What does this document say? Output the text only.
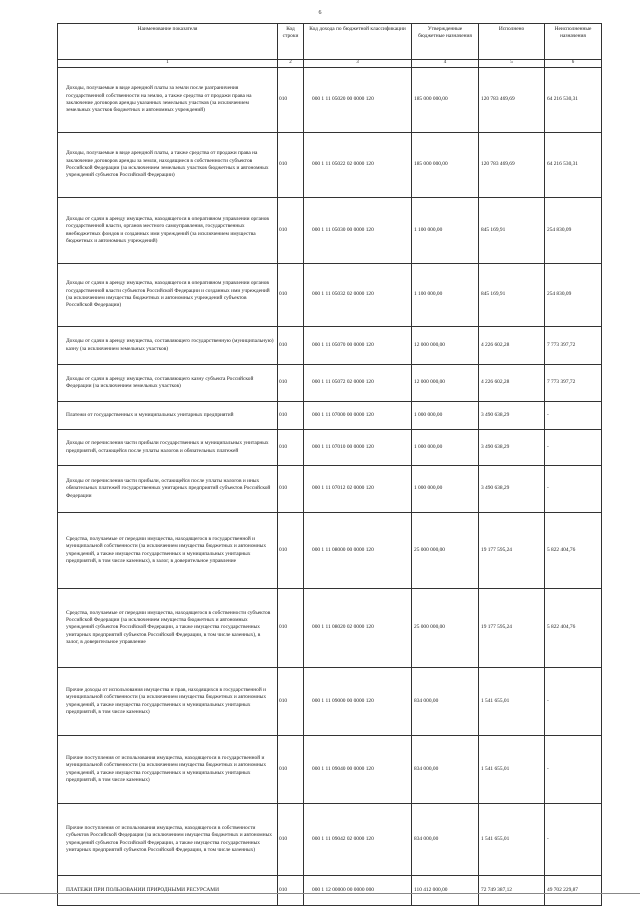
6
Наименование показателя	Код строки	Код дохода по бюджетной классификации	Утвержденные бюджетные назначения	Исполнено	Неисполненные назначения
1	2	3	4	5	6
Доходы, получаемые в виде арендной платы за земли после разграничения государственной собственности на землю, а также средства от продажи права на заключение договоров аренды указанных земельных участков (за исключением земельных участков бюджетных и автономных учреждений)	010	000 1 11 05020 00 0000 120	185 000 000,00	120 783 469,69	64 216 530,31
Доходы, получаемые в виде арендной платы, а также средства от продажи права на заключение договоров аренды за земли, находящиеся в собственности субъектов Российской Федерации (за исключением земельных участков бюджетных и автономных учреждений субъектов Российской Федерации)	010	000 1 11 05022 02 0000 120	185 000 000,00	120 783 469,69	64 216 530,31
Доходы от сдачи в аренду имущества, находящегося в оперативном управлении органов государственной власти, органов местного самоуправления, государственных внебюджетных фондов и созданных ими учреждений (за исключением имущества бюджетных и автономных учреждений)	010	000 1 11 05030 00 0000 120	1 100 000,00	845 169,91	254 830,09
Доходы от сдачи в аренду имущества, находящегося в оперативном управлении органов государственной власти субъектов Российской Федерации и созданных ими учреждений (за исключением имущества бюджетных и автономных учреждений субъектов Российской Федерации)	010	000 1 11 05032 02 0000 120	1 100 000,00	845 169,91	254 830,09
Доходы от сдачи в аренду имущества, составляющего государственную (муниципальную) казну (за исключением земельных участков)	010	000 1 11 05070 00 0000 120	12 000 000,00	4 226 602,28	7 773 397,72
Доходы от сдачи в аренду имущества, составляющего казну субъекта Российской Федерации (за исключением земельных участков)	010	000 1 11 05072 02 0000 120	12 000 000,00	4 226 602,28	7 773 397,72
Платежи от государственных и муниципальных унитарных предприятий	010	000 1 11 07000 00 0000 120	1 000 000,00	3 490 638,29	-
Доходы от перечисления части прибыли государственных и муниципальных унитарных предприятий, остающейся после уплаты налогов и обязательных платежей	010	000 1 11 07010 00 0000 120	1 000 000,00	3 490 638,29	-
Доходы от перечисления части прибыли, остающейся после уплаты налогов и иных обязательных платежей государственных унитарных предприятий субъектов Российской Федерации	010	000 1 11 07012 02 0000 120	1 000 000,00	3 490 638,29	-
Средства, получаемые от передачи имущества, находящегося в государственной и муниципальной собственности (за исключением имущества бюджетных и автономных учреждений, а также имущества государственных и муниципальных унитарных предприятий, в том числе казенных), в залог, в доверительное управление	010	000 1 11 08000 00 0000 120	25 000 000,00	19 177 595,24	5 822 404,76
Средства, получаемые от передачи имущества, находящегося в собственности субъектов Российской Федерации (за исключением имущества бюджетных и автономных учреждений субъектов Российской Федерации, а также имущества государственных унитарных предприятий субъектов Российской Федерации, в том числе казенных), в залог, в доверительное управление	010	000 1 11 08020 02 0000 120	25 000 000,00	19 177 595,24	5 822 404,76
Прочие доходы от использования имущества и прав, находящихся в государственной и муниципальной собственности (за исключением имущества бюджетных и автономных учреждений, а также имущества государственных и муниципальных унитарных предприятий, в том числе казенных)	010	000 1 11 09000 00 0000 120	834 000,00	1 541 655,01	-
Прочие поступления от использования имущества, находящегося в государственной и муниципальной собственности (за исключением имущества бюджетных и автономных учреждений, а также имущества государственных и муниципальных унитарных предприятий, в том числе казенных)	010	000 1 11 09040 00 0000 120	834 000,00	1 541 655,01	-
Прочие поступления от использования имущества, находящегося в собственности субъектов Российской Федерации (за исключением имущества бюджетных и автономных учреждений субъектов Российской Федерации, а также имущества государственных унитарных предприятий субъектов Российской Федерации, в том числе казенных)	010	000 1 11 09042 02 0000 120	834 000,00	1 541 655,01	-
ПЛАТЕЖИ ПРИ ПОЛЬЗОВАНИИ ПРИРОДНЫМИ РЕСУРСАМИ	010	000 1 12 00000 00 0000 000	110 412 000,00	72 749 387,12	49 702 229,87
